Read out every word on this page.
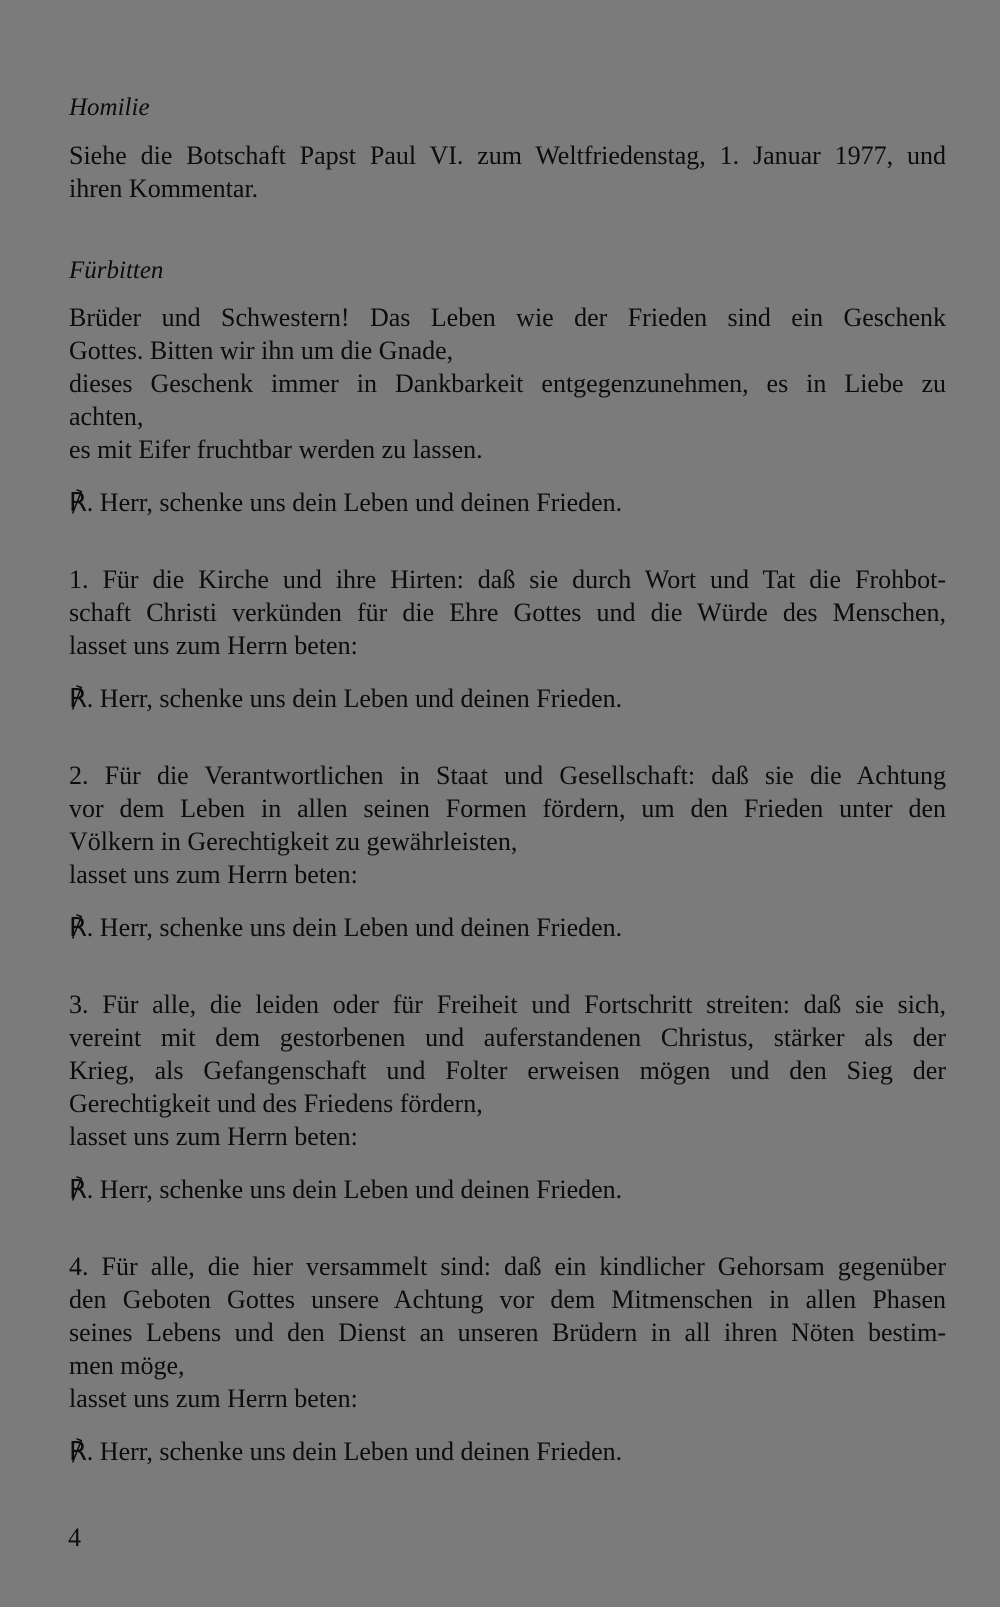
Homilie
Siehe die Botschaft Papst Paul VI. zum Weltfriedenstag, 1. Januar 1977, und
ihren Kommentar.
Fürbitten
Brüder und Schwestern! Das Leben wie der Frieden sind ein Geschenk
Gottes. Bitten wir ihn um die Gnade,
dieses Geschenk immer in Dankbarkeit entgegenzunehmen, es in Liebe zu
achten,
es mit Eifer fruchtbar werden zu lassen.
℟. Herr, schenke uns dein Leben und deinen Frieden.
1. Für die Kirche und ihre Hirten: daß sie durch Wort und Tat die Frohbot-
schaft Christi verkünden für die Ehre Gottes und die Würde des Menschen,
lasset uns zum Herrn beten:
℟. Herr, schenke uns dein Leben und deinen Frieden.
2. Für die Verantwortlichen in Staat und Gesellschaft: daß sie die Achtung
vor dem Leben in allen seinen Formen fördern, um den Frieden unter den
Völkern in Gerechtigkeit zu gewährleisten,
lasset uns zum Herrn beten:
℟. Herr, schenke uns dein Leben und deinen Frieden.
3. Für alle, die leiden oder für Freiheit und Fortschritt streiten: daß sie sich,
vereint mit dem gestorbenen und auferstandenen Christus, stärker als der
Krieg, als Gefangenschaft und Folter erweisen mögen und den Sieg der
Gerechtigkeit und des Friedens fördern,
lasset uns zum Herrn beten:
℟. Herr, schenke uns dein Leben und deinen Frieden.
4. Für alle, die hier versammelt sind: daß ein kindlicher Gehorsam gegenüber
den Geboten Gottes unsere Achtung vor dem Mitmenschen in allen Phasen
seines Lebens und den Dienst an unseren Brüdern in all ihren Nöten bestim-
men möge,
lasset uns zum Herrn beten:
℟. Herr, schenke uns dein Leben und deinen Frieden.
4
